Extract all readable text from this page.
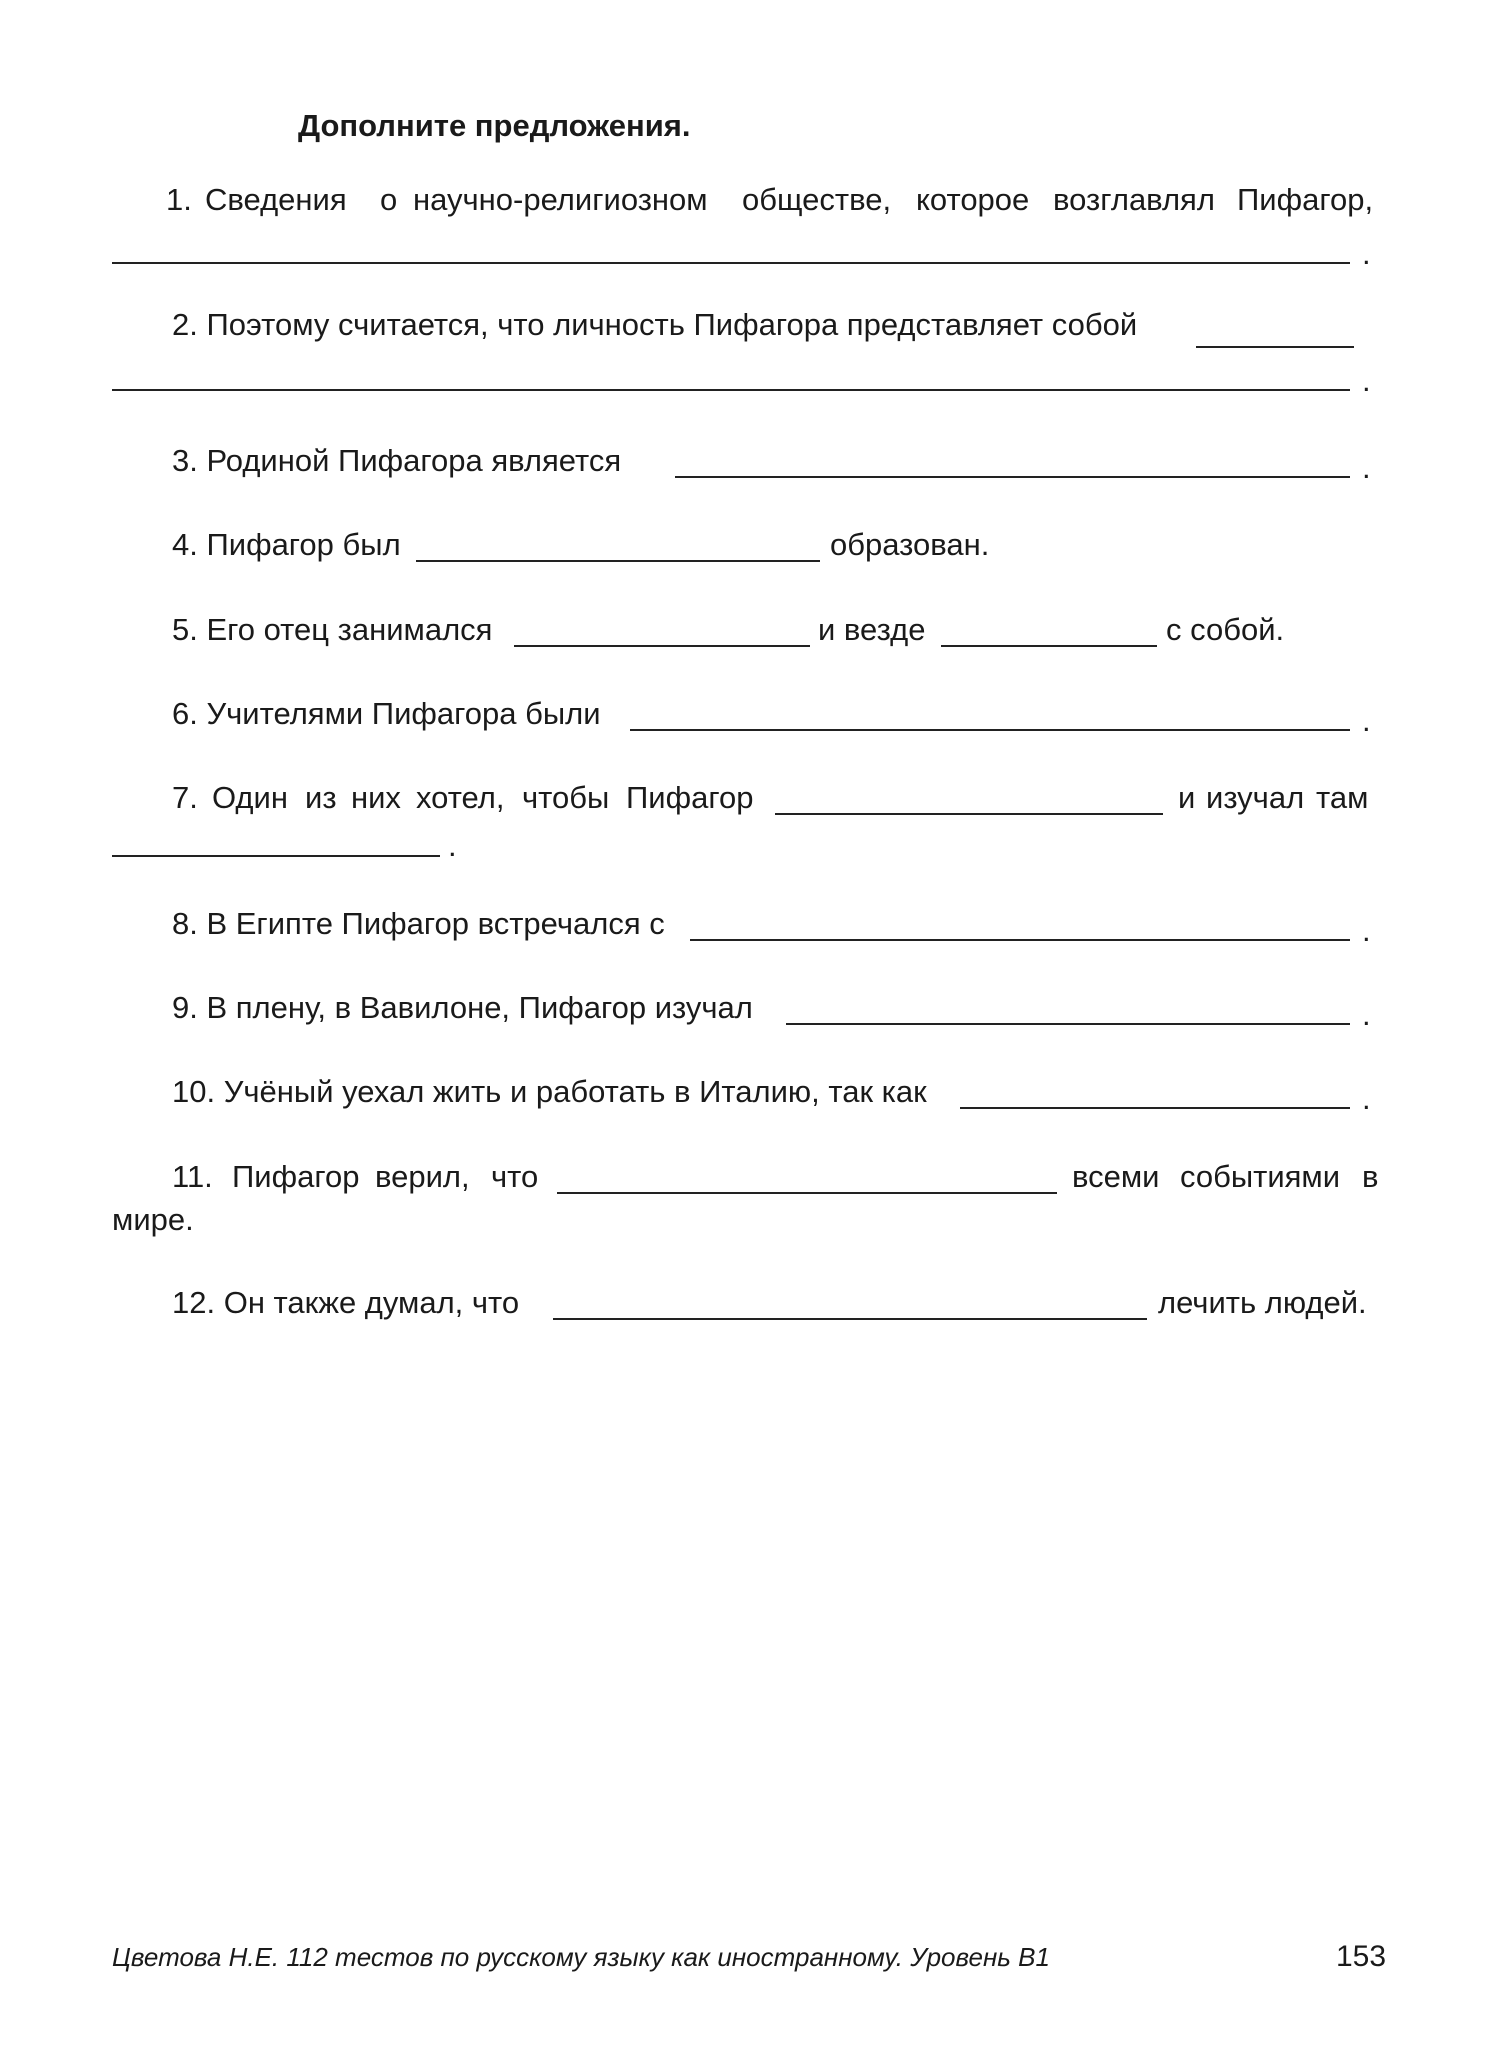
Дополните предложения.
1. Сведения о научно-религиозном обществе, которое возглавлял Пифагор,
.
2. Поэтому считается, что личность Пифагора представляет собой
.
3. Родиной Пифагора является	.
4. Пифагор был	образован.
5. Его отец занимался	и везде	с собой.
6. Учителями Пифагора были	.
7. Один из них хотел, чтобы Пифагор	и изучал там
.
8. В Египте Пифагор встречался с	.
9. В плену, в Вавилоне, Пифагор изучал	.
10. Учёный уехал жить и работать в Италию, так как	.
11. Пифагор верил, что	всеми событиями в
мире.
12. Он также думал, что	лечить людей.
Цветова Н.Е. 112 тестов по русскому языку как иностранному. Уровень В1	153
